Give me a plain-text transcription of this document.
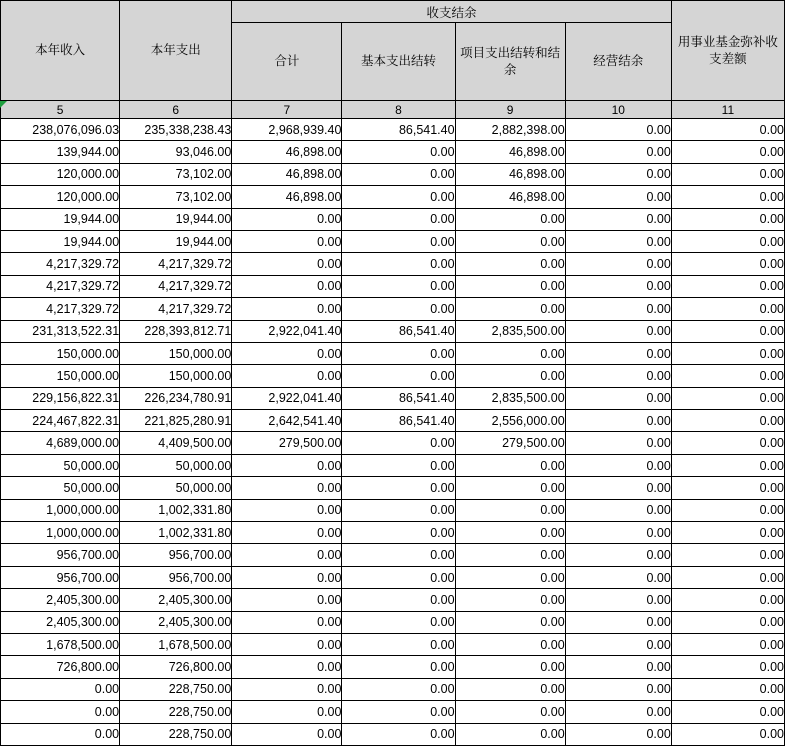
本年收入	本年支出	收支结余				用事业基金弥补收支差额
		合计	基本支出结转	项目支出结转和结余	经营结余	
5	6	7	8	9	10	11
238,076,096.03	235,338,238.43	2,968,939.40	86,541.40	2,882,398.00	0.00	0.00
139,944.00	93,046.00	46,898.00	0.00	46,898.00	0.00	0.00
120,000.00	73,102.00	46,898.00	0.00	46,898.00	0.00	0.00
120,000.00	73,102.00	46,898.00	0.00	46,898.00	0.00	0.00
19,944.00	19,944.00	0.00	0.00	0.00	0.00	0.00
19,944.00	19,944.00	0.00	0.00	0.00	0.00	0.00
4,217,329.72	4,217,329.72	0.00	0.00	0.00	0.00	0.00
4,217,329.72	4,217,329.72	0.00	0.00	0.00	0.00	0.00
4,217,329.72	4,217,329.72	0.00	0.00	0.00	0.00	0.00
231,313,522.31	228,393,812.71	2,922,041.40	86,541.40	2,835,500.00	0.00	0.00
150,000.00	150,000.00	0.00	0.00	0.00	0.00	0.00
150,000.00	150,000.00	0.00	0.00	0.00	0.00	0.00
229,156,822.31	226,234,780.91	2,922,041.40	86,541.40	2,835,500.00	0.00	0.00
224,467,822.31	221,825,280.91	2,642,541.40	86,541.40	2,556,000.00	0.00	0.00
4,689,000.00	4,409,500.00	279,500.00	0.00	279,500.00	0.00	0.00
50,000.00	50,000.00	0.00	0.00	0.00	0.00	0.00
50,000.00	50,000.00	0.00	0.00	0.00	0.00	0.00
1,000,000.00	1,002,331.80	0.00	0.00	0.00	0.00	0.00
1,000,000.00	1,002,331.80	0.00	0.00	0.00	0.00	0.00
956,700.00	956,700.00	0.00	0.00	0.00	0.00	0.00
956,700.00	956,700.00	0.00	0.00	0.00	0.00	0.00
2,405,300.00	2,405,300.00	0.00	0.00	0.00	0.00	0.00
2,405,300.00	2,405,300.00	0.00	0.00	0.00	0.00	0.00
1,678,500.00	1,678,500.00	0.00	0.00	0.00	0.00	0.00
726,800.00	726,800.00	0.00	0.00	0.00	0.00	0.00
0.00	228,750.00	0.00	0.00	0.00	0.00	0.00
0.00	228,750.00	0.00	0.00	0.00	0.00	0.00
0.00	228,750.00	0.00	0.00	0.00	0.00	0.00
